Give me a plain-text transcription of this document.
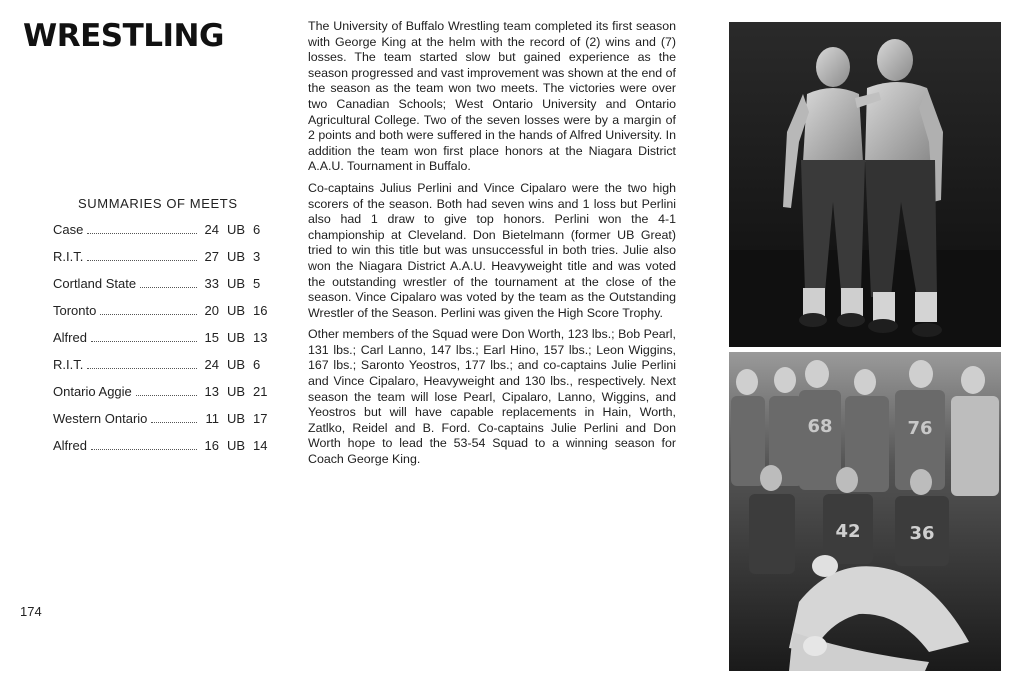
WRESTLING
SUMMARIES OF MEETS
Case	24 UB 6
R.I.T.	27 UB 3
Cortland State	33 UB 5
Toronto	20 UB 16
Alfred	15 UB 13
R.I.T.	24 UB 6
Ontario Aggie	13 UB 21
Western Ontario	11 UB 17
Alfred	16 UB 14
174

The University of Buffalo Wrestling team completed its first season with George King at the helm with the record of (2) wins and (7) losses. The team started slow but gained experience as the season progressed and vast improvement was shown at the end of the season as the team won two meets. The victories were over two Canadian Schools; West Ontario University and Ontario Agricultural College. Two of the seven losses were by a margin of 2 points and both were suffered in the hands of Alfred University. In addition the team won first place honors at the Niagara District A.A.U. Tournament in Buffalo.

Co-captains Julius Perlini and Vince Cipalaro were the two high scorers of the season. Both had seven wins and 1 loss but Perlini also had 1 draw to give top honors. Perlini won the 4-1 championship at Cleveland. Don Bietelmann (former UB Great) tried to win this title but was unsuccessful in both tries. Julie also won the Niagara District A.A.U. Heavyweight title and was voted the outstanding wrestler of the tournament at the close of the season. Vince Cipalaro was voted by the team as the Outstanding Wrestler of the Season. Perlini was given the High Score Trophy.

Other members of the Squad were Don Worth, 123 lbs.; Bob Pearl, 131 lbs.; Carl Lanno, 147 lbs.; Earl Hino, 157 lbs.; Leon Wiggins, 167 lbs.; Saronto Yeostros, 177 lbs.; and co-captains Julie Perlini and Vince Cipalaro, Heavyweight and 130 lbs., respectively. Next season the team will lose Pearl, Cipalaro, Lanno, Wiggins, and Yeostros but will have capable replacements in Hain, Worth, Zatlko, Reidel and B. Ford. Co-captains Julie Perlini and Don Worth hope to lead the 53-54 Squad to a winning season for Coach George King.

68	76
42	36
